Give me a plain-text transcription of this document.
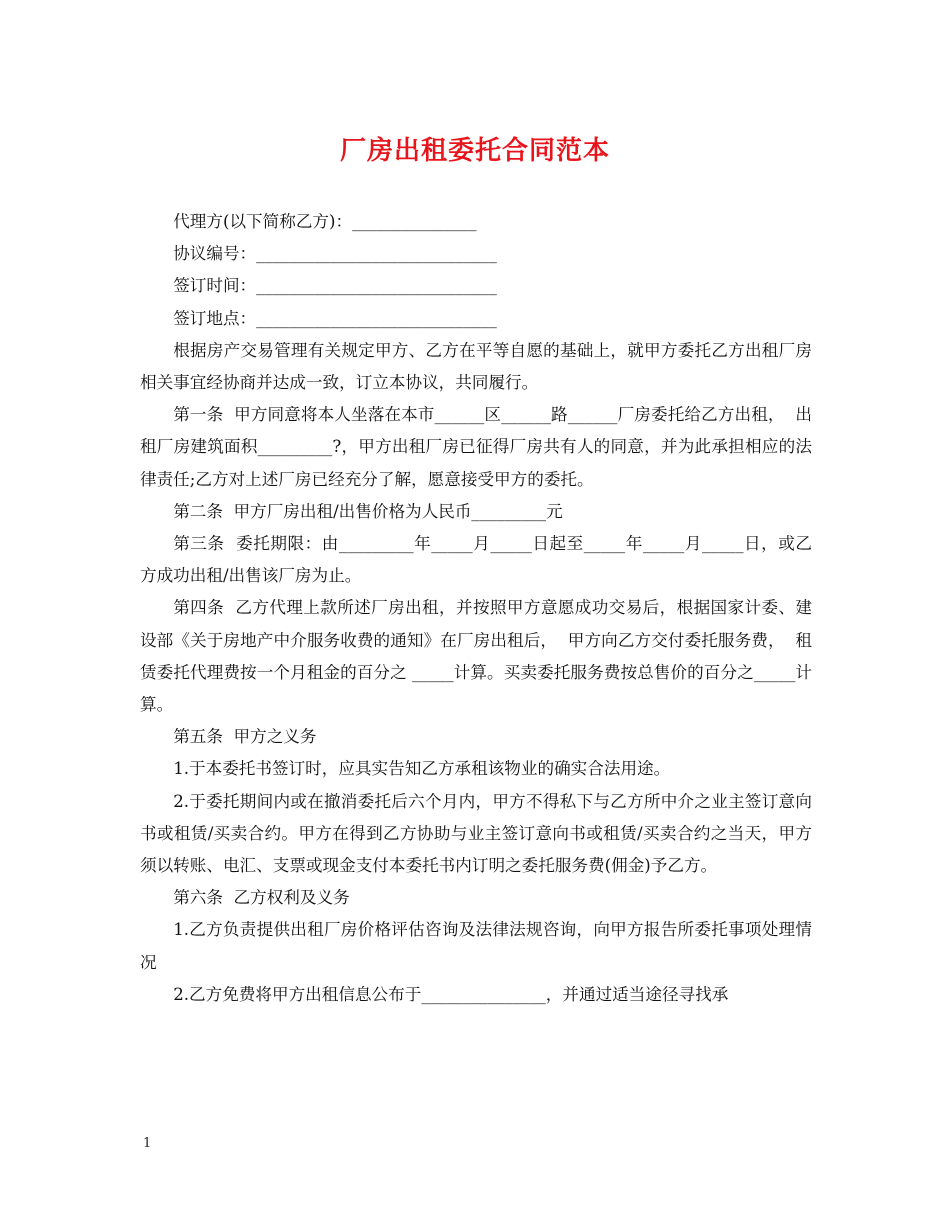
厂房出租委托合同范本

代理方(以下简称乙方)：_______________

协议编号：_____________________________

签订时间：_____________________________

签订地点：_____________________________

根据房产交易管理有关规定甲方、乙方在平等自愿的基础上，就甲方委托乙方出租厂房相关事宜经协商并达成一致，订立本协议，共同履行。

第一条  甲方同意将本人坐落在本市______区______路______厂房委托给乙方出租，  出租厂房建筑面积_________?，甲方出租厂房已征得厂房共有人的同意，并为此承担相应的法律责任;乙方对上述厂房已经充分了解，愿意接受甲方的委托。

第二条  甲方厂房出租/出售价格为人民币_________元

第三条  委托期限：由_________年_____月_____日起至_____年_____月_____日，或乙方成功出租/出售该厂房为止。

第四条  乙方代理上款所述厂房出租，并按照甲方意愿成功交易后，根据国家计委、建设部《关于房地产中介服务收费的通知》在厂房出租后，  甲方向乙方交付委托服务费，  租赁委托代理费按一个月租金的百分之 _____计算。买卖委托服务费按总售价的百分之_____计算。

第五条  甲方之义务

1.于本委托书签订时，应具实告知乙方承租该物业的确实合法用途。

2.于委托期间内或在撤消委托后六个月内，甲方不得私下与乙方所中介之业主签订意向书或租赁/买卖合约。甲方在得到乙方协助与业主签订意向书或租赁/买卖合约之当天，甲方须以转账、电汇、支票或现金支付本委托书内订明之委托服务费(佣金)予乙方。

第六条  乙方权利及义务

1.乙方负责提供出租厂房价格评估咨询及法律法规咨询，向甲方报告所委托事项处理情况

2.乙方免费将甲方出租信息公布于_______________，并通过适当途径寻找承

1
